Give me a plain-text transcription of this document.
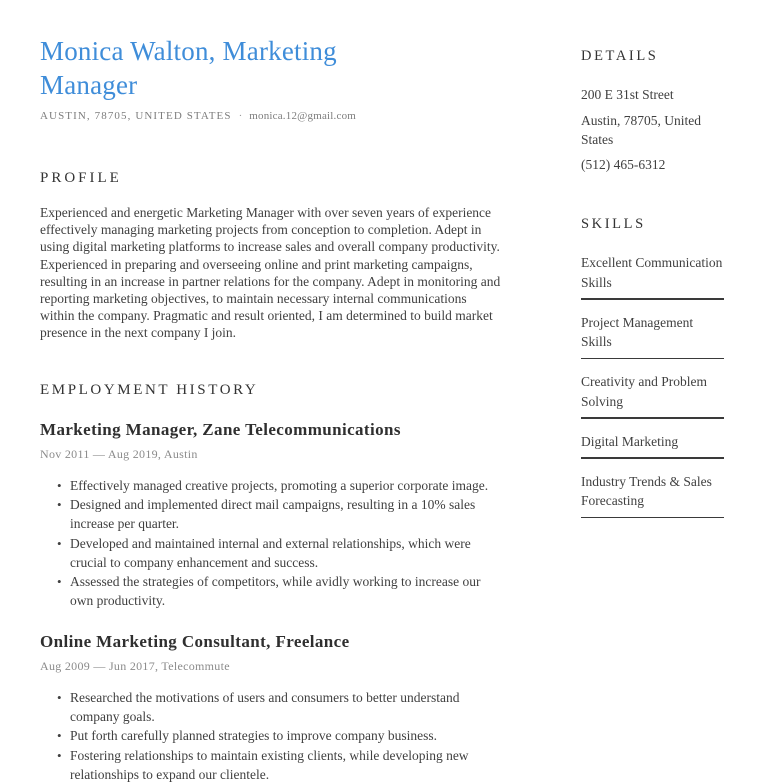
Monica Walton, Marketing Manager
AUSTIN, 78705, UNITED STATES · monica.12@gmail.com
PROFILE

Experienced and energetic Marketing Manager with over seven years of experience effectively managing marketing projects from conception to completion. Adept in using digital marketing platforms to increase sales and overall company productivity. Experienced in preparing and overseeing online and print marketing campaigns, resulting in an increase in partner relations for the company. Adept in monitoring and reporting marketing objectives, to maintain necessary internal communications within the company. Pragmatic and result oriented, I am determined to build market presence in the next company I join.

EMPLOYMENT HISTORY
Marketing Manager, Zane Telecommunications
Nov 2011 — Aug 2019, Austin
• Effectively managed creative projects, promoting a superior corporate image.
• Designed and implemented direct mail campaigns, resulting in a 10% sales increase per quarter.
• Developed and maintained internal and external relationships, which were crucial to company enhancement and success.
• Assessed the strategies of competitors, while avidly working to increase our own productivity.
Online Marketing Consultant, Freelance
Aug 2009 — Jun 2017, Telecommute
• Researched the motivations of users and consumers to better understand company goals.
• Put forth carefully planned strategies to improve company business.
• Fostering relationships to maintain existing clients, while developing new relationships to expand our clientele.
DETAILS

200 E 31st Street

Austin, 78705, United States

(512) 465-6312

SKILLS
Excellent Communication Skills
Project Management Skills
Creativity and Problem Solving
Digital Marketing
Industry Trends & Sales Forecasting
